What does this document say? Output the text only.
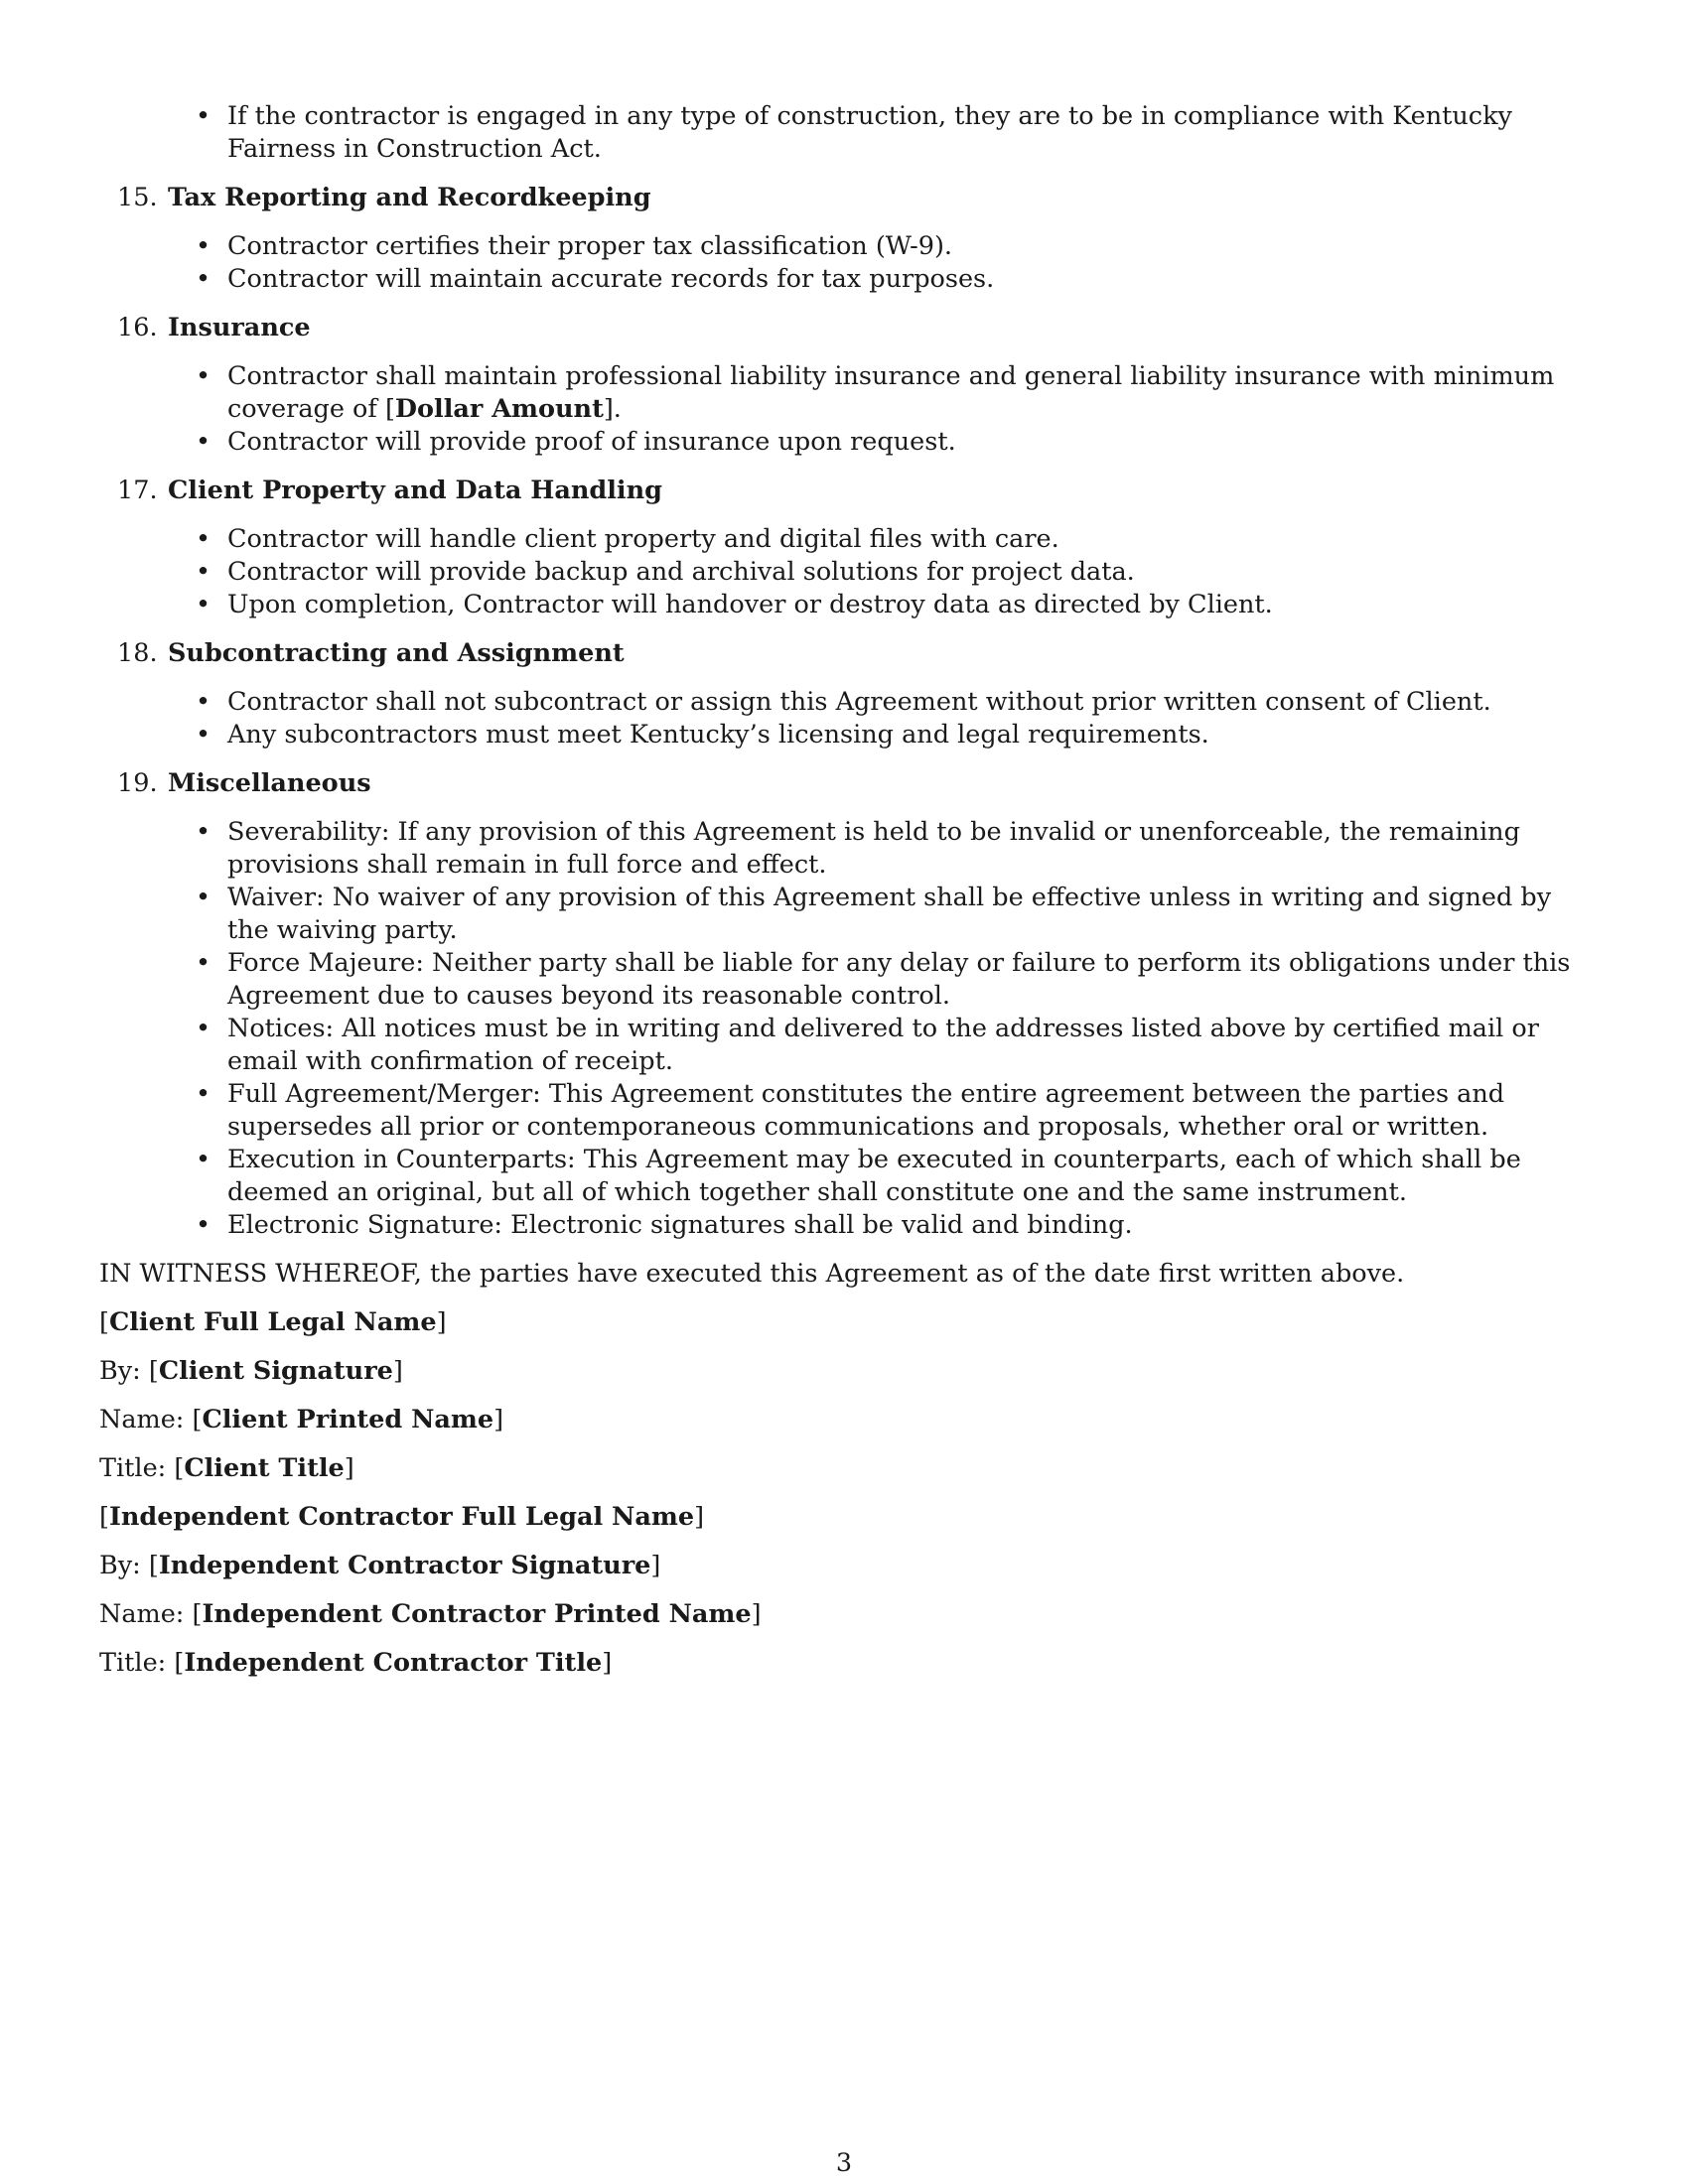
• If the contractor is engaged in any type of construction, they are to be in compliance with Kentucky Fairness in Construction Act.
15. Tax Reporting and Recordkeeping
• Contractor certifies their proper tax classification (W-9).
• Contractor will maintain accurate records for tax purposes.
16. Insurance
• Contractor shall maintain professional liability insurance and general liability insurance with minimum coverage of [Dollar Amount].
• Contractor will provide proof of insurance upon request.
17. Client Property and Data Handling
• Contractor will handle client property and digital files with care.
• Contractor will provide backup and archival solutions for project data.
• Upon completion, Contractor will handover or destroy data as directed by Client.
18. Subcontracting and Assignment
• Contractor shall not subcontract or assign this Agreement without prior written consent of Client.
• Any subcontractors must meet Kentucky’s licensing and legal requirements.
19. Miscellaneous
• Severability: If any provision of this Agreement is held to be invalid or unenforceable, the remaining provisions shall remain in full force and effect.
• Waiver: No waiver of any provision of this Agreement shall be effective unless in writing and signed by the waiving party.
• Force Majeure: Neither party shall be liable for any delay or failure to perform its obligations under this Agreement due to causes beyond its reasonable control.
• Notices: All notices must be in writing and delivered to the addresses listed above by certified mail or email with confirmation of receipt.
• Full Agreement/Merger: This Agreement constitutes the entire agreement between the parties and supersedes all prior or contemporaneous communications and proposals, whether oral or written.
• Execution in Counterparts: This Agreement may be executed in counterparts, each of which shall be deemed an original, but all of which together shall constitute one and the same instrument.
• Electronic Signature: Electronic signatures shall be valid and binding.

IN WITNESS WHEREOF, the parties have executed this Agreement as of the date first written above.

[Client Full Legal Name]

By: [Client Signature]

Name: [Client Printed Name]

Title: [Client Title]

[Independent Contractor Full Legal Name]

By: [Independent Contractor Signature]

Name: [Independent Contractor Printed Name]

Title: [Independent Contractor Title]

3
